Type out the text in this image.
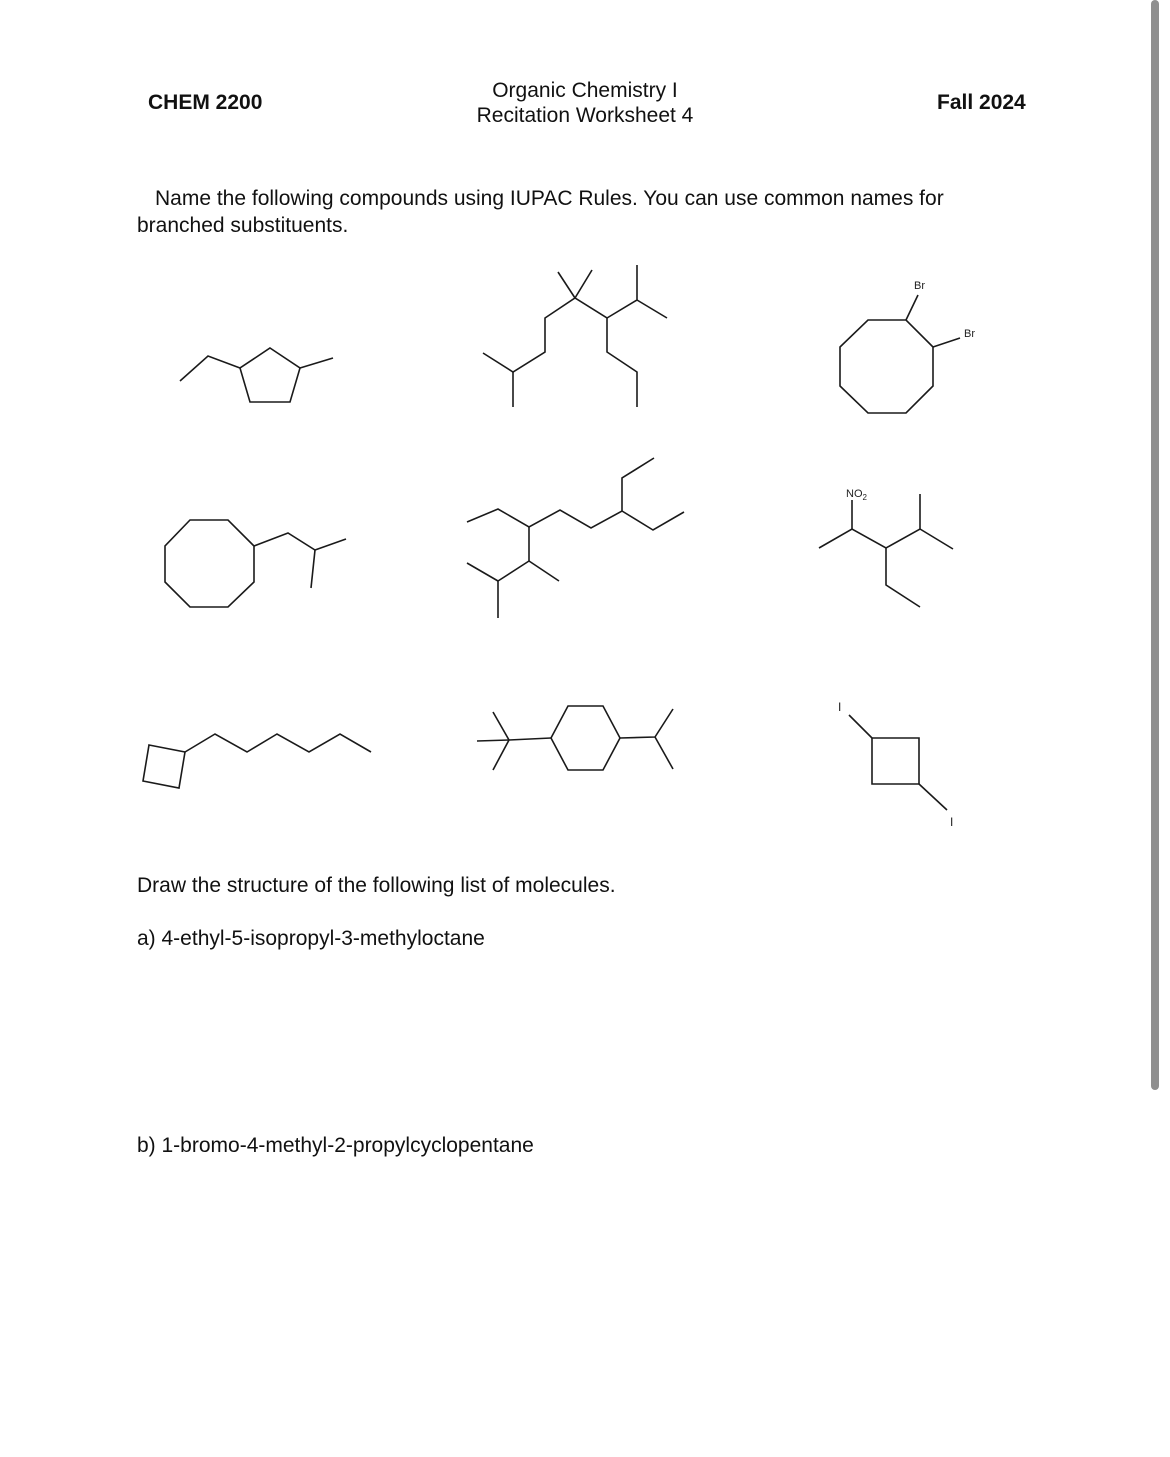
CHEM 2200
Organic Chemistry I
Recitation Worksheet 4
Fall 2024
Name the following compounds using IUPAC Rules. You can use common names for
branched substituents.
Br
Br
$NO_2$
I
I
Draw the structure of the following list of molecules.
a) 4-ethyl-5-isopropyl-3-methyloctane
b) 1-bromo-4-methyl-2-propylcyclopentane
